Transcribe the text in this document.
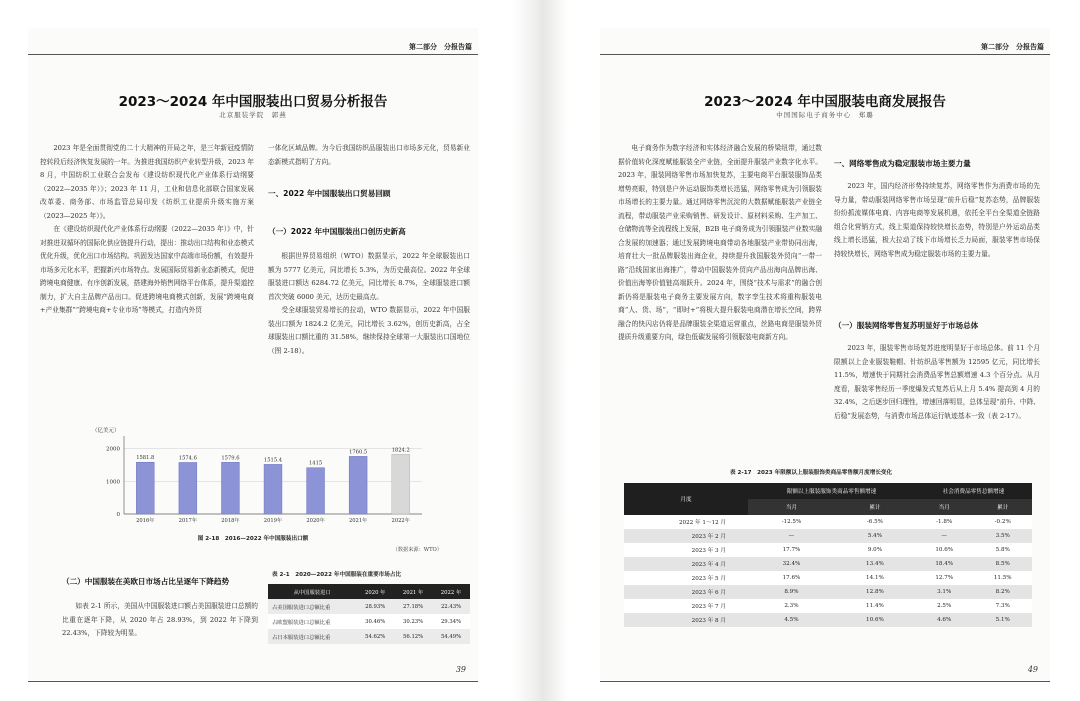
第二部分　分报告篇
2023～2024 年中国服装出口贸易分析报告
北京服装学院　郭燕

2023 年是全面贯彻党的二十大精神的开局之年，是三年新冠疫情防控转段后经济恢复发展的一年。为推进我国纺织产业转型升级，2023 年 8 月，中国纺织工业联合会发布《建设纺织现代化产业体系行动纲要（2022—2035 年）》；2023 年 11 月，工业和信息化部联合国家发展改革委、商务部、市场监管总局印发《纺织工业提质升级实施方案（2023—2025 年）》。

在《建设纺织现代化产业体系行动纲要（2022—2035 年）》中，针对推进双循环的国际化供应链提升行动，提出：推动出口结构和业态模式优化升级，优化出口市场结构。巩固发达国家中高端市场份额，有效提升市场多元化水平，把握新兴市场特点。发展国际贸易新业态新模式，促进跨境电商健康、有序创新发展，搭建海外销售网络平台体系，提升渠道控制力，扩大自主品牌产品出口。促进跨境电商模式创新，发展“跨境电商+产业集群”“跨境电商+专业市场”等模式，打造内外贸

一体化区域品牌。为今后我国纺织品服装出口市场多元化，贸易新业态新模式指明了方向。

一、2022 年中国服装出口贸易回顾
（一）2022 年中国服装出口创历史新高

根据世界贸易组织（WTO）数据显示，2022 年全球服装出口额为 5777 亿美元，同比增长 5.3%，为历史最高位。2022 年全球服装进口额达 6284.72 亿美元，同比增长 8.7%，全球服装进口额首次突破 6000 美元，达历史最高点。

受全球服装贸易增长的拉动，WTO 数据显示，2022 年中国服装出口额为 1824.2 亿美元，同比增长 3.62%，创历史新高，占全球服装出口额比重的 31.58%，继续保持全球第一大服装出口国地位（图 2-18）。

（亿美元）
0
1000
2000
1581.8
2016年
1574.6
2017年
1579.6
2018年
1515.4
2019年
1415
2020年
1760.5
2021年
1824.2
2022年
图 2-18　2016—2022 年中国服装出口额
（数据来源：WTO）
（二）中国服装在美欧日市场占比呈逐年下降趋势

如表 2-1 所示，美国从中国服装进口额占美国服装进口总额的比重在逐年下降，从 2020 年占 28.93%，到 2022 年下降到 22.43%，下降较为明显。

表 2-1　2020—2022 年中国服装在重要市场占比
从中国服装进口	2020 年	2021 年	2022 年
占美国服装进口总额比重	28.93%	27.18%	22.43%
占欧盟服装进口总额比重	30.46%	30.23%	29.34%
占日本服装进口总额比重	54.62%	56.12%	54.49%
39
第二部分　分报告篇
2023～2024 年中国服装电商发展报告
中国国际电子商务中心　郑璐

电子商务作为数字经济和实体经济融合发展的桥梁纽带，通过数据价值转化深度赋能服装全产业链，全面提升服装产业数字化水平。2023 年，服装网络零售市场加快复苏，主要电商平台服装服饰品类增势亮眼，特别是户外运动服饰类增长迅猛，网络零售成为引领服装市场增长的主要力量。通过网络零售沉淀的大数据赋能服装产业链全流程，带动服装产业采购销售、研发设计、原材料采购、生产加工、仓储物流等全流程线上发展，B2B 电子商务成为引领服装产业数实融合发展的加速器；通过发展跨境电商带动各地服装产业带协同出海，培育壮大一批品牌服装出海企业，持续提升我国服装外贸向“一带一路”沿线国家出海推广，带动中国服装外贸向产品出海向品牌出海、价值出海等价值链高端跃升。2024 年，围绕“技术与需求”的融合创新仍将是服装电子商务主要发展方向，数字孪生技术将重构服装电商“人、货、场”，“即时+”将极大提升服装电商潜在增长空间，跨界融合的快闪店仍将是品牌服装全渠道运营重点，丝路电商是服装外贸提质升级重要方向，绿色低碳发展将引领服装电商新方向。

一、网络零售成为稳定服装市场主要力量

2023 年，国内经济形势持续复苏，网络零售作为消费市场的先导力量，带动服装网络零售市场呈现“前升后稳”复苏态势，品牌服装纷纷抓流媒体电商、内容电商等发展机遇，依托全平台全渠道全链路组合化营销方式，线上渠道保持较快增长态势，特别是户外运动品类线上增长迅猛，极大拉动了线下市场增长乏力局面，服装零售市场保持较快增长，网络零售成为稳定服装市场的主要力量。

（一）服装网络零售复苏明显好于市场总体

2023 年，服装零售市场复苏进度明显好于市场总体。前 11 个月限额以上企业服装鞋帽、针纺织品零售额为 12595 亿元，同比增长 11.5%，增速快于同期社会消费品零售总额增速 4.3 个百分点。从月度看，服装零售经历一季度爆发式复苏后从上月 5.4% 提高到 4 月的 32.4%，之后逐步回归理性，增速回落明显，总体呈现“前升、中降、后稳”发展态势，与消费市场总体运行轨迹基本一致（表 2-17）。

表 2-17　2023 年限额以上服装服饰类商品零售额月度增长变化
月度	限额以上服装服饰类商品零售额增速		社会消费品零售总额增速	
	当月	累计	当月	累计
2022 年 1～12 月	-12.5%	-6.5%	-1.8%	-0.2%
2023 年 2 月	—	5.4%	—	3.5%
2023 年 3 月	17.7%	9.0%	10.6%	5.8%
2023 年 4 月	32.4%	13.4%	18.4%	8.5%
2023 年 5 月	17.6%	14.1%	12.7%	11.5%
2023 年 6 月	8.9%	12.8%	3.1%	8.2%
2023 年 7 月	2.3%	11.4%	2.5%	7.3%
2023 年 8 月	4.5%	10.6%	4.6%	5.1%
49
